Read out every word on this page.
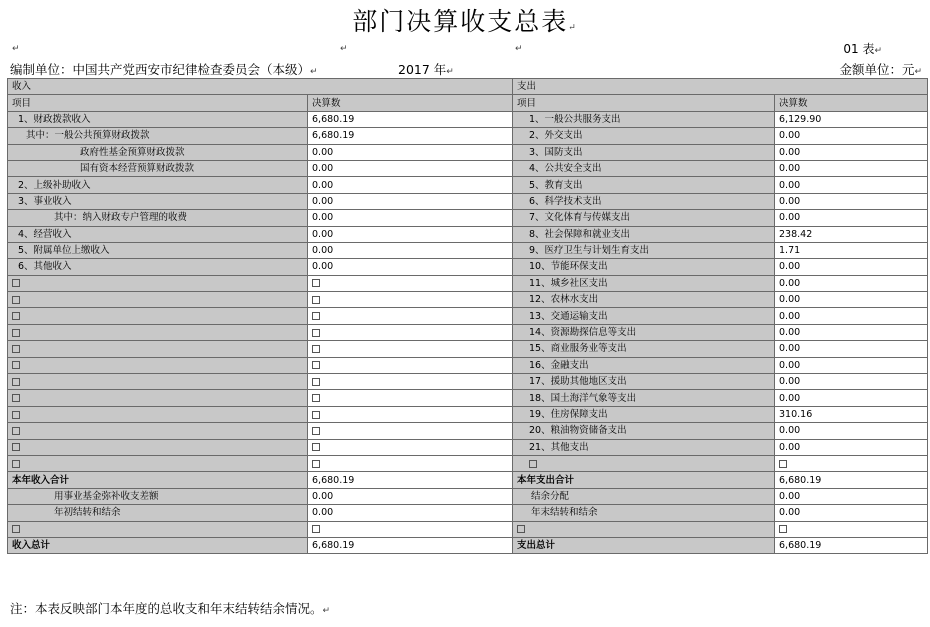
部门决算收支总表↵
↵	↵	↵	01 表↵
编制单位：中国共产党西安市纪律检查委员会（本级）↵	2017 年↵	金额单位：元↵
收入		支出	
项目	决算数	项目	决算数
1、财政拨款收入	6,680.19	1、一般公共服务支出	6,129.90
其中：一般公共预算财政拨款	6,680.19	2、外交支出	0.00
政府性基金预算财政拨款	0.00	3、国防支出	0.00
国有资本经营预算财政拨款	0.00	4、公共安全支出	0.00
2、上级补助收入	0.00	5、教育支出	0.00
3、事业收入	0.00	6、科学技术支出	0.00
其中：纳入财政专户管理的收费	0.00	7、文化体育与传媒支出	0.00
4、经营收入	0.00	8、社会保障和就业支出	238.42
5、附属单位上缴收入	0.00	9、医疗卫生与计划生育支出	1.71
6、其他收入	0.00	10、节能环保支出	0.00
		11、城乡社区支出	0.00
		12、农林水支出	0.00
		13、交通运输支出	0.00
		14、资源勘探信息等支出	0.00
		15、商业服务业等支出	0.00
		16、金融支出	0.00
		17、援助其他地区支出	0.00
		18、国土海洋气象等支出	0.00
		19、住房保障支出	310.16
		20、粮油物资储备支出	0.00
		21、其他支出	0.00

本年收入合计	6,680.19	本年支出合计	6,680.19
用事业基金弥补收支差额	0.00	结余分配	0.00
年初结转和结余	0.00	年末结转和结余	0.00

收入总计	6,680.19	支出总计	6,680.19
注：本表反映部门本年度的总收支和年末结转结余情况。↵
